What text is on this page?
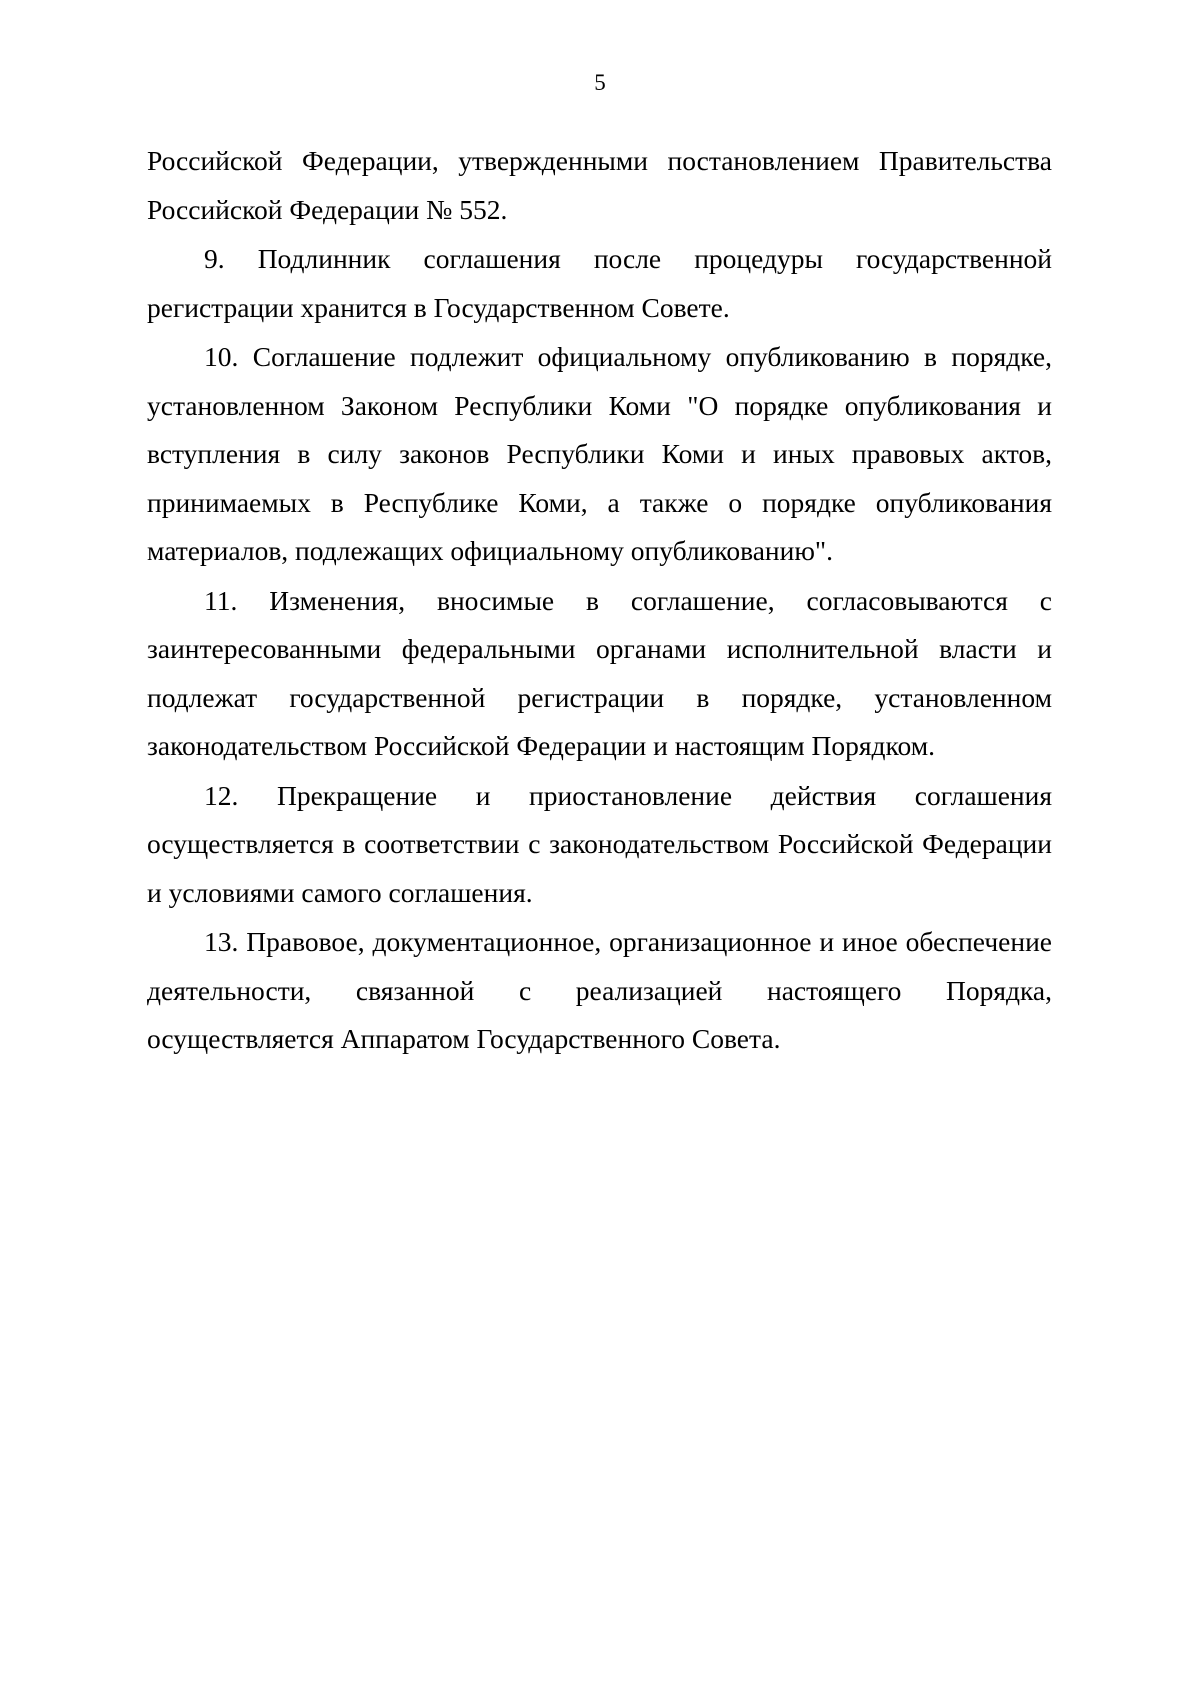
5

Российской Федерации, утвержденными постановлением Правительства Российской Федерации № 552.

9. Подлинник соглашения после процедуры государственной регистрации хранится в Государственном Совете.

10. Соглашение подлежит официальному опубликованию в порядке, установленном Законом Республики Коми "О порядке опубликования и вступления в силу законов Республики Коми и иных правовых актов, принимаемых в Республике Коми, а также о порядке опубликования материалов, подлежащих официальному опубликованию".

11. Изменения, вносимые в соглашение, согласовываются с заинтересованными федеральными органами исполнительной власти и подлежат государственной регистрации в порядке, установленном законодательством Российской Федерации и настоящим Порядком.

12. Прекращение и приостановление действия соглашения осуществляется в соответствии с законодательством Российской Федерации и условиями самого соглашения.

13. Правовое, документационное, организационное и иное обеспечение деятельности, связанной с реализацией настоящего Порядка, осуществляется Аппаратом Государственного Совета.
